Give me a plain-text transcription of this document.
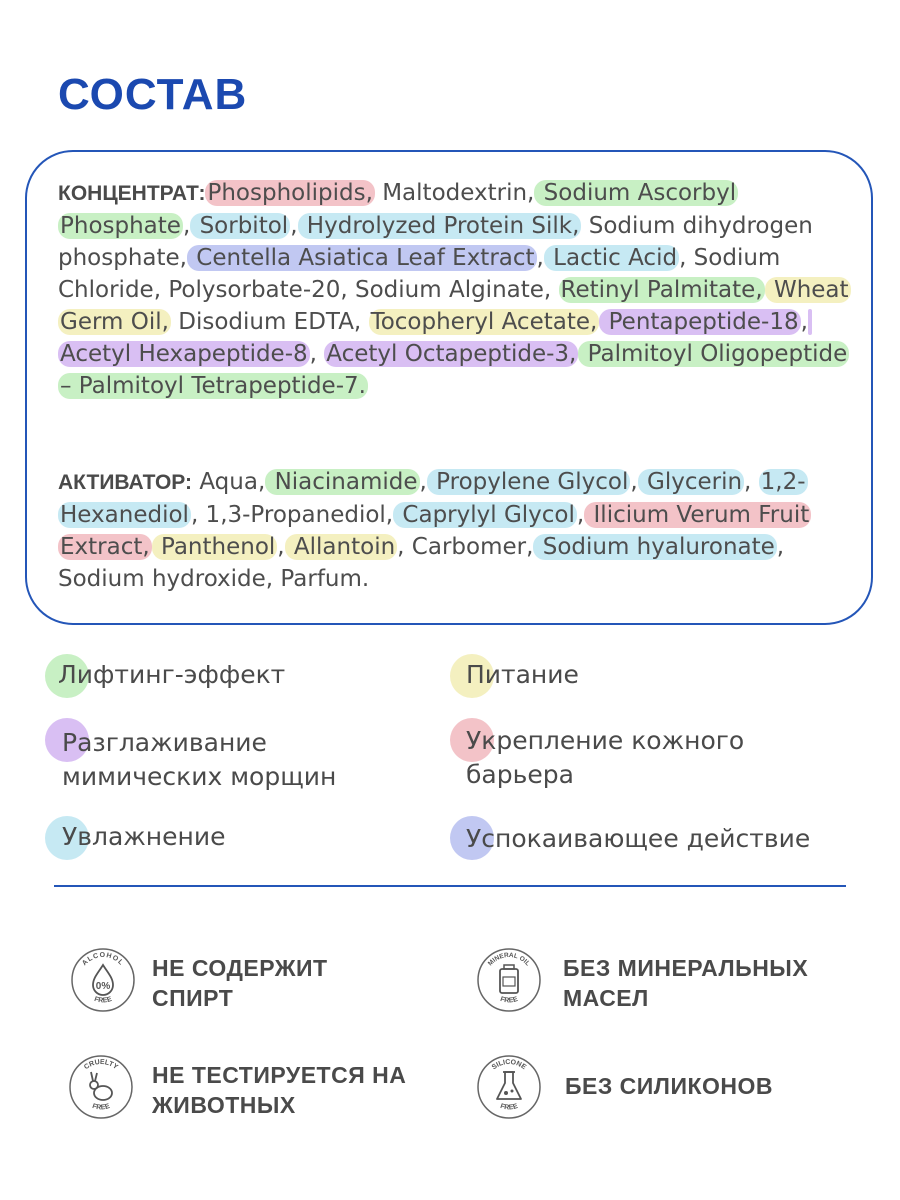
СОСТАВ
КОНЦЕНТРАТ:Phospholipids, Maltodextrin, Sodium Ascorbyl Phosphate, Sorbitol, Hydrolyzed Protein Silk, Sodium dihydrogen phosphate, Centella Asiatica Leaf Extract, Lactic Acid, Sodium Chloride, Polysorbate-20, Sodium Alginate, Retinyl Palmitate, Wheat Germ Oil, Disodium EDTA, Tocopheryl Acetate, Pentapeptide-18, Acetyl Hexapeptide-8, Acetyl Octapeptide-3, Palmitoyl Oligopeptide – Palmitoyl Tetrapeptide-7.
АКТИВАТОР: Aqua, Niacinamide, Propylene Glycol, Glycerin, 1,2-Hexanediol, 1,3-Propanediol, Caprylyl Glycol, Ilicium Verum Fruit Extract, Panthenol, Allantoin, Carbomer, Sodium hyaluronate, Sodium hydroxide, Parfum.
Лифтинг-эффект	Питание
Разглаживание мимических морщин
Укрепление кожного барьера
Увлажнение	Успокаивающее действие
ALCOHOL
FREE
0%
НЕ СОДЕРЖИТ СПИРТ
MINERAL OIL
FREE
БЕЗ МИНЕРАЛЬНЫХ МАСЕЛ
CRUELTY
FREE
НЕ ТЕСТИРУЕТСЯ НА ЖИВОТНЫХ
SILICONE
FREE
БЕЗ СИЛИКОНОВ
